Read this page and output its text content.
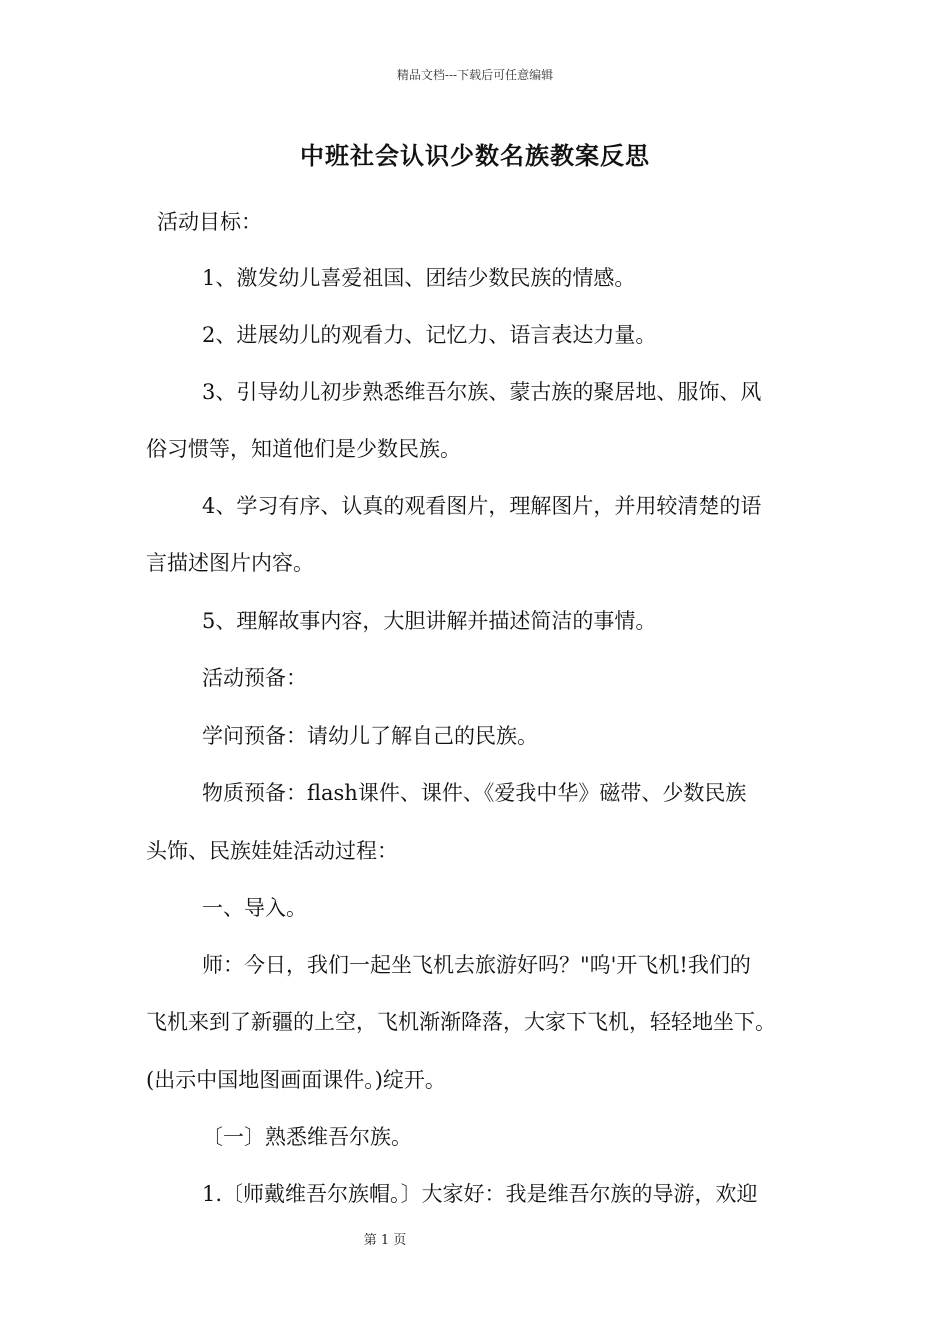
精品文档---下载后可任意编辑
中班社会认识少数名族教案反思
活动目标：
1、激发幼儿喜爱祖国、团结少数民族的情感。
2、进展幼儿的观看力、记忆力、语言表达力量。
3、引导幼儿初步熟悉维吾尔族、蒙古族的聚居地、服饰、风
俗习惯等，知道他们是少数民族。
4、学习有序、认真的观看图片，理解图片，并用较清楚的语
言描述图片内容。
5、理解故事内容，大胆讲解并描述简洁的事情。
活动预备：
学问预备：请幼儿了解自己的民族。
物质预备：flash课件、课件、《爱我中华》磁带、少数民族
头饰、民族娃娃活动过程：
一、导入。
师：今日，我们一起坐飞机去旅游好吗？"呜'开飞机!我们的
飞机来到了新疆的上空，飞机渐渐降落，大家下飞机，轻轻地坐下。
(出示中国地图画面课件。)绽开。
〔一〕熟悉维吾尔族。
1.〔师戴维吾尔族帽。〕大家好：我是维吾尔族的导游，欢迎
第 1 页
